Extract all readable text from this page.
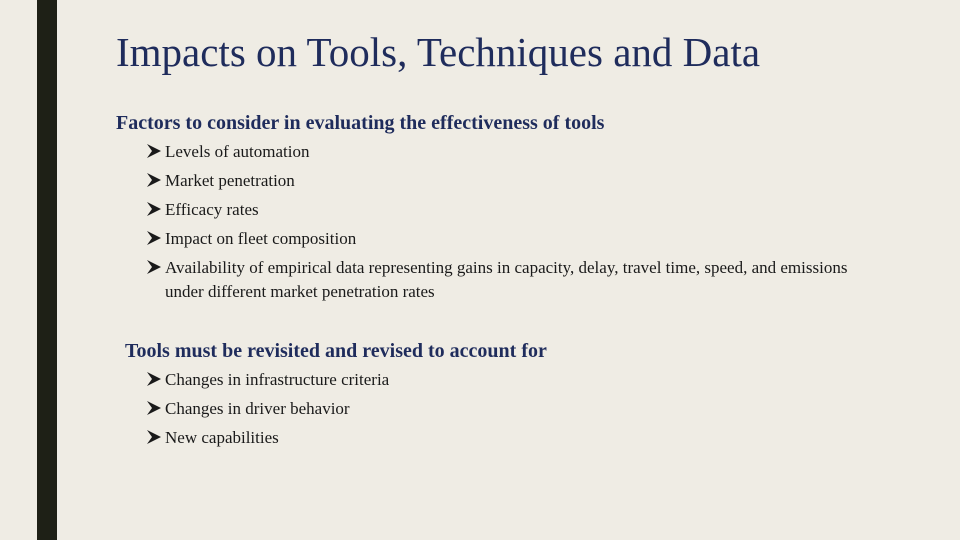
Impacts on Tools, Techniques and Data

Factors to consider in evaluating the effectiveness of tools

Levels of automation
Market penetration
Efficacy rates
Impact on fleet composition
Availability of empirical data representing gains in capacity, delay, travel time, speed, and emissions under different market penetration rates

Tools must be revisited and revised to account for

Changes in infrastructure criteria
Changes in driver behavior
New capabilities
